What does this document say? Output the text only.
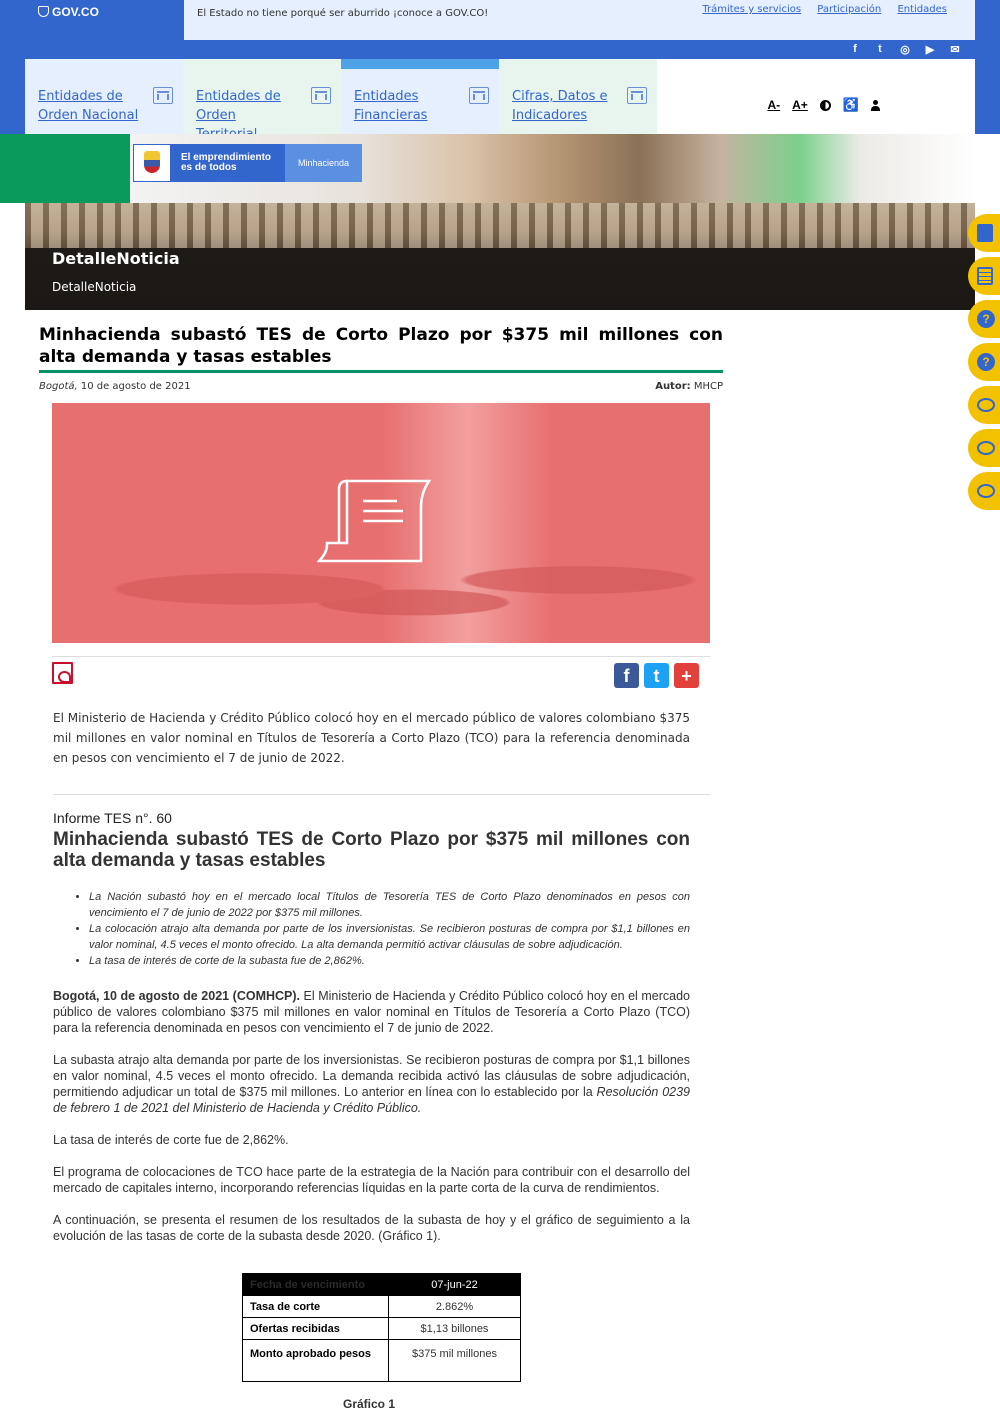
GOV.CO	El Estado no tiene porqué ser aburrido ¡conoce a GOV.CO!	Trámites y servicios Participación Entidades
f	t	◎ ▶ ✉
Entidades de Orden Nacional
Entidades de Orden
Entidades Financieras
Cifras, Datos e Indicadores
A- A+	♿
El emprendimiento
es de todos	Minhacienda
DetalleNoticia
DetalleNoticia
?
?
Minhacienda subastó TES de Corto Plazo por $375 mil millones con alta demanda y tasas estables
Bogotá, 10 de agosto de 2021	Autor: MHCP
f	t	+

El Ministerio de Hacienda y Crédito Público colocó hoy en el mercado público de valores colombiano $375 mil millones en valor nominal en Títulos de Tesorería a Corto Plazo (TCO) para la referencia denominada en pesos con vencimiento el 7 de junio de 2022.

Informe TES n°. 60
Minhacienda subastó TES de Corto Plazo por $375 mil millones con alta demanda y tasas estables
• La Nación subastó hoy en el mercado local Títulos de Tesorería TES de Corto Plazo denominados en pesos con vencimiento el 7 de junio de 2022 por $375 mil millones.
• La colocación atrajo alta demanda por parte de los inversionistas. Se recibieron posturas de compra por $1,1 billones en valor nominal, 4.5 veces el monto ofrecido. La alta demanda permitió activar cláusulas de sobre adjudicación.
• La tasa de interés de corte de la subasta fue de 2,862%.

Bogotá, 10 de agosto de 2021 (COMHCP). El Ministerio de Hacienda y Crédito Público colocó hoy en el mercado público de valores colombiano $375 mil millones en valor nominal en Títulos de Tesorería a Corto Plazo (TCO) para la referencia denominada en pesos con vencimiento el 7 de junio de 2022.

La subasta atrajo alta demanda por parte de los inversionistas. Se recibieron posturas de compra por $1,1 billones en valor nominal, 4.5 veces el monto ofrecido. La demanda recibida activó las cláusulas de sobre adjudicación, permitiendo adjudicar un total de $375 mil millones. Lo anterior en línea con lo establecido por la Resolución 0239 de febrero 1 de 2021 del Ministerio de Hacienda y Crédito Público.

La tasa de interés de corte fue de 2,862%.

El programa de colocaciones de TCO hace parte de la estrategia de la Nación para contribuir con el desarrollo del mercado de capitales interno, incorporando referencias líquidas en la parte corta de la curva de rendimientos.

A continuación, se presenta el resumen de los resultados de la subasta de hoy y el gráfico de seguimiento a la evolución de las tasas de corte de la subasta desde 2020. (Gráfico 1).

Fecha de vencimiento	07-jun-22
Tasa de corte	2.862%
Ofertas recibidas	$1,13 billones
Monto aprobado pesos	$375 mil millones
Gráfico 1
